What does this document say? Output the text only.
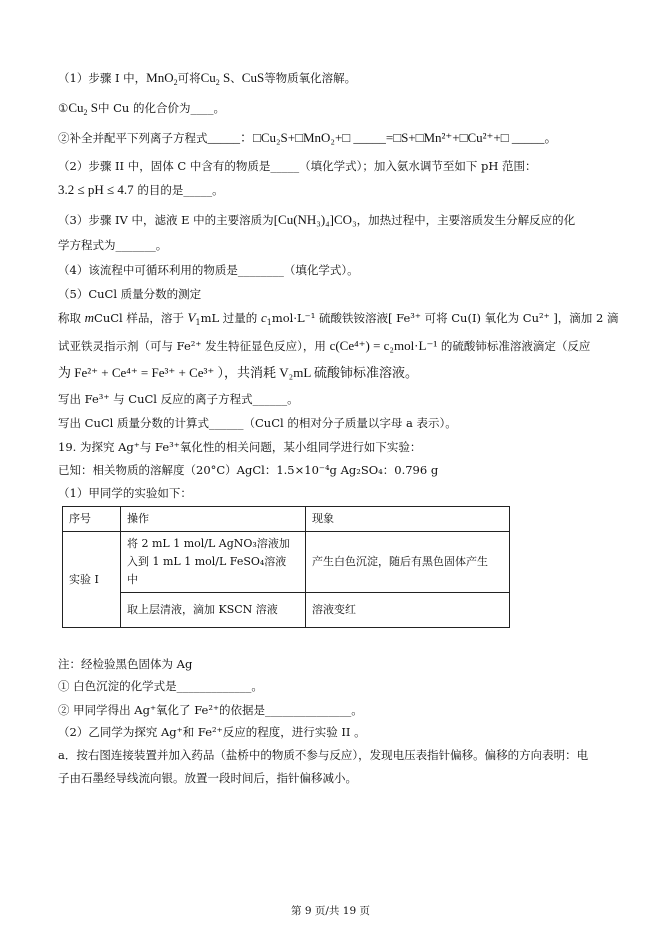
（1）步骤 I 中，MnO$_2$可将$Cu_2$ S、CuS等物质氧化溶解。
$①Cu_2$ S中 Cu 的化合价为____。
②补全并配平下列离子方程式_____：□Cu₂S+□MnO₂+□ _____=□S+□Mn²⁺+□Cu²⁺+□ _____。
（2）步骤 II 中，固体 C 中含有的物质是_____（填化学式）；加入氨水调节至如下 pH 范围：
3.2 ≤ pH ≤ 4.7 的目的是_____。
（3）步骤 IV 中，滤液 E 中的主要溶质为[Cu(NH₃)₄]CO₃，加热过程中，主要溶质发生分解反应的化
学方程式为_______。
（4）该流程中可循环利用的物质是________（填化学式）。
（5）CuCl 质量分数的测定
称取 mCuCl 样品，溶于 $V_1mL$ 过量的 $c_1mol\cdot L^{-1}$ 硫酸铁铵溶液[ Fe³⁺ 可将 Cu(I) 氧化为 Cu²⁺ ]，滴加 2 滴
试亚铁灵指示剂（可与 Fe²⁺ 发生特征显色反应），用 c(Ce⁴⁺) = c₂mol·L⁻¹ 的硫酸铈标准溶液滴定（反应
为 Fe²⁺ + Ce⁴⁺ = Fe³⁺ + Ce³⁺ ），共消耗 V₂mL 硫酸铈标准溶液。
写出 Fe³⁺ 与 CuCl 反应的离子方程式______。
写出 CuCl 质量分数的计算式______（CuCl 的相对分子质量以字母 a 表示）。
19. 为探究 Ag⁺与 Fe³⁺氧化性的相关问题，某小组同学进行如下实验：
已知：相关物质的溶解度（20°C）AgCl：1.5×10⁻⁴g Ag₂SO₄：0.796 g
（1）甲同学的实验如下：
序号	操作	现象
实验 I	将 2 mL 1 mol/L AgNO₃溶液加
入到 1 mL 1 mol/L FeSO₄溶液
中	产生白色沉淀，随后有黑色固体产生
	取上层清液，滴加 KSCN 溶液	溶液变红
注：经检验黑色固体为 Ag
① 白色沉淀的化学式是_____________。
② 甲同学得出 Ag⁺氧化了 Fe²⁺的依据是_______________。
（2）乙同学为探究 Ag⁺和 Fe²⁺反应的程度，进行实验 II 。
a．按右图连接装置并加入药品（盐桥中的物质不参与反应），发现电压表指针偏移。偏移的方向表明：电
子由石墨经导线流向银。放置一段时间后，指针偏移减小。
第 9 页/共 19 页
